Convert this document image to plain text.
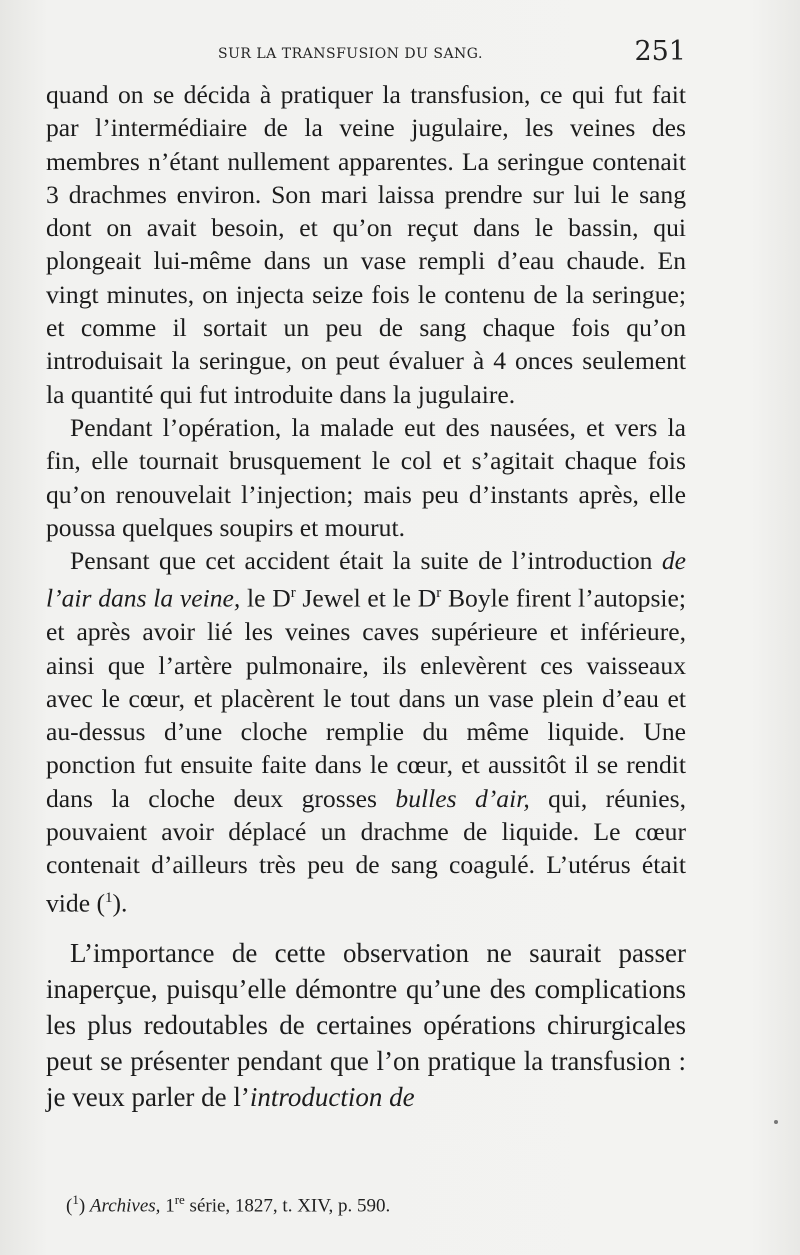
SUR LA TRANSFUSION DU SANG.	251

quand on se décida à pratiquer la transfusion, ce qui fut fait par l’intermédiaire de la veine jugulaire, les veines des membres n’étant nullement apparentes. La seringue contenait 3 drachmes environ. Son mari laissa prendre sur lui le sang dont on avait besoin, et qu’on reçut dans le bassin, qui plongeait lui-même dans un vase rempli d’eau chaude. En vingt minutes, on injecta seize fois le contenu de la seringue; et comme il sortait un peu de sang chaque fois qu’on introduisait la seringue, on peut évaluer à 4 onces seulement la quantité qui fut introduite dans la jugulaire.

Pendant l’opération, la malade eut des nausées, et vers la fin, elle tournait brusquement le col et s’agitait chaque fois qu’on renouvelait l’injection; mais peu d’instants après, elle poussa quelques soupirs et mourut.

Pensant que cet accident était la suite de l’introduction de l’air dans la veine, le $D^r$ Jewel et le $D^r$ Boyle firent l’autopsie; et après avoir lié les veines caves supérieure et inférieure, ainsi que l’artère pulmonaire, ils enlevèrent ces vaisseaux avec le cœur, et placèrent le tout dans un vase plein d’eau et au-dessus d’une cloche remplie du même liquide. Une ponction fut ensuite faite dans le cœur, et aussitôt il se rendit dans la cloche deux grosses bulles d’air, qui, réunies, pouvaient avoir déplacé un drachme de liquide. Le cœur contenait d’ailleurs très peu de sang coagulé. L’utérus était vide ($^1$).

L’importance de cette observation ne saurait passer inaperçue, puisqu’elle démontre qu’une des complications les plus redoutables de certaines opérations chirurgicales peut se présenter pendant que l’on pratique la transfusion : je veux parler de l’introduction de

($^1$) Archives, 1re série, 1827, t. XIV, p. 590.
